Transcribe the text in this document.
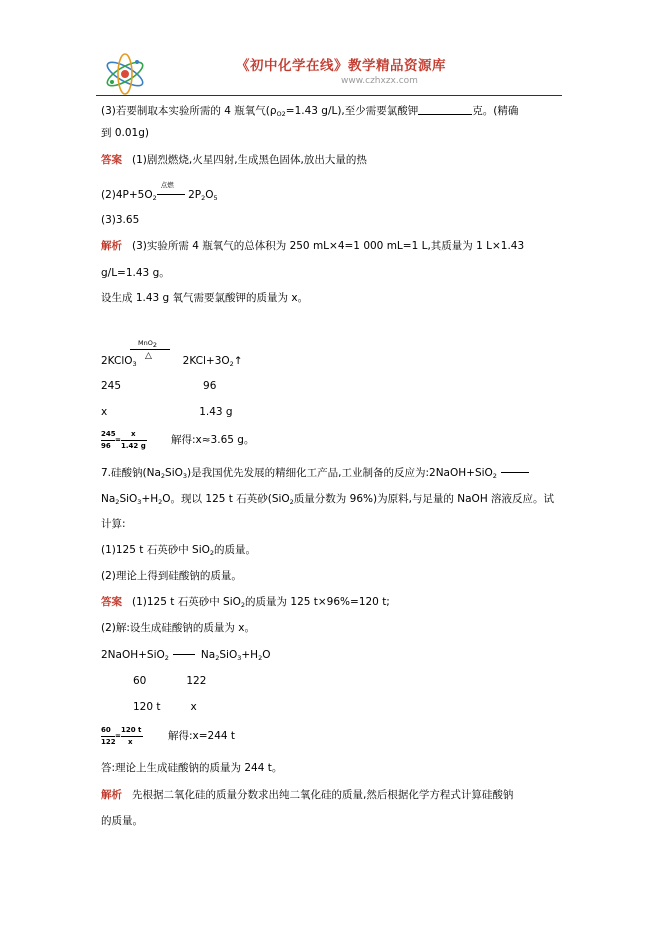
《初中化学在线》教学精品资源库
www.czhxzx.com
(3)若要制取本实验所需的 4 瓶氧气($\rho_{O2}=1.43$ g/L),至少需要氯酸钾	克。(精确
到 0.01g)
答案 (1)剧烈燃烧,火星四射,生成黑色固体,放出大量的热
$(2)4P+5O_2$
点燃
$2P_2O_5$
(3)3.65
解析 (3)实验所需 4 瓶氧气的总体积为 250 mL×4=1 000 mL=1 L,其质量为 1 L×1.43
g/L=1.43 g。
设生成 1.43 g 氧气需要氯酸钾的质量为 x。
MnO$_2$
△
2KClO$_3$	$2KCl+3O_2↑$
245	96
x	1.43 g
245
96
=
x
1.42 g 解得:x≈3.65 g。
7.硅酸钠$(Na_2SiO_3)$是我国优先发展的精细化工产品,工业制备的反应为:2NaOH+SiO$_2$
$Na_2SiO_3+H_2O$。现以 125 t 石英砂(SiO$_2$质量分数为 96%)为原料,与足量的 NaOH 溶液反应。试
计算:
(1)125 t 石英砂中 SiO$_2$的质量。
(2)理论上得到硅酸钠的质量。
答案 (1)125 t 石英砂中 SiO$_2$的质量为 125 t×96%=120 t;
(2)解:设生成硅酸钠的质量为 x。
2NaOH+SiO$_2$	$Na_2SiO_3+H_2O$
60	122
120 t	x
60
122
=
120 t
x	解得:x=244 t
答:理论上生成硅酸钠的质量为 244 t。
解析 先根据二氧化硅的质量分数求出纯二氧化硅的质量,然后根据化学方程式计算硅酸钠
的质量。
